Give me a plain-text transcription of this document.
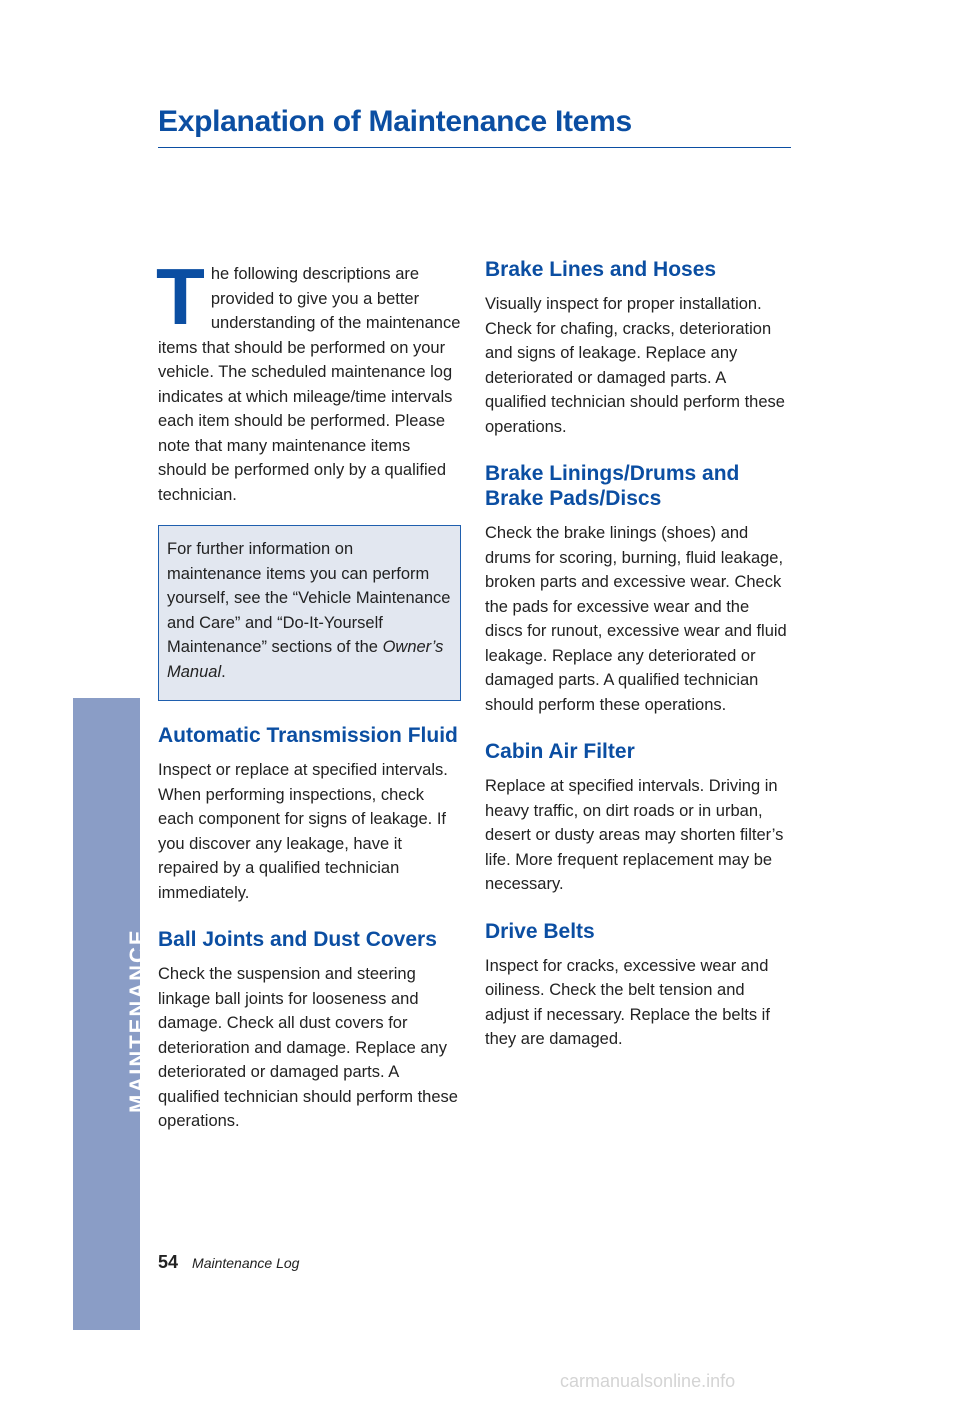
Explanation of Maintenance Items

The following descriptions are provided to give you a better understanding of the maintenance items that should be performed on your vehicle. The scheduled maintenance log indicates at which mileage/time intervals each item should be performed. Please note that many maintenance items should be performed only by a qualified technician.

For further information on maintenance items you can perform yourself, see the “Vehicle Maintenance and Care” and “Do-It-Yourself Maintenance” sections of the Owner’s Manual.

Automatic Transmission Fluid

Inspect or replace at specified intervals. When performing inspections, check each component for signs of leakage. If you discover any leakage, have it repaired by a qualified technician immediately.

Ball Joints and Dust Covers

Check the suspension and steering linkage ball joints for looseness and damage. Check all dust covers for deterioration and damage. Replace any deteriorated or damaged parts. A qualified technician should perform these operations.

Brake Lines and Hoses

Visually inspect for proper installation. Check for chafing, cracks, deterioration and signs of leakage. Replace any deteriorated or damaged parts. A qualified technician should perform these operations.

Brake Linings/Drums and Brake Pads/Discs

Check the brake linings (shoes) and drums for scoring, burning, fluid leakage, broken parts and excessive wear. Check the pads for excessive wear and the discs for runout, excessive wear and fluid leakage. Replace any deteriorated or damaged parts. A qualified technician should perform these operations.

Cabin Air Filter

Replace at specified intervals. Driving in heavy traffic, on dirt roads or in urban, desert or dusty areas may shorten filter’s life. More frequent replacement may be necessary.

Drive Belts

Inspect for cracks, excessive wear and oiliness. Check the belt tension and adjust if necessary. Replace the belts if they are damaged.

MAINTENANCE
54 Maintenance Log
carmanualsonline.info
